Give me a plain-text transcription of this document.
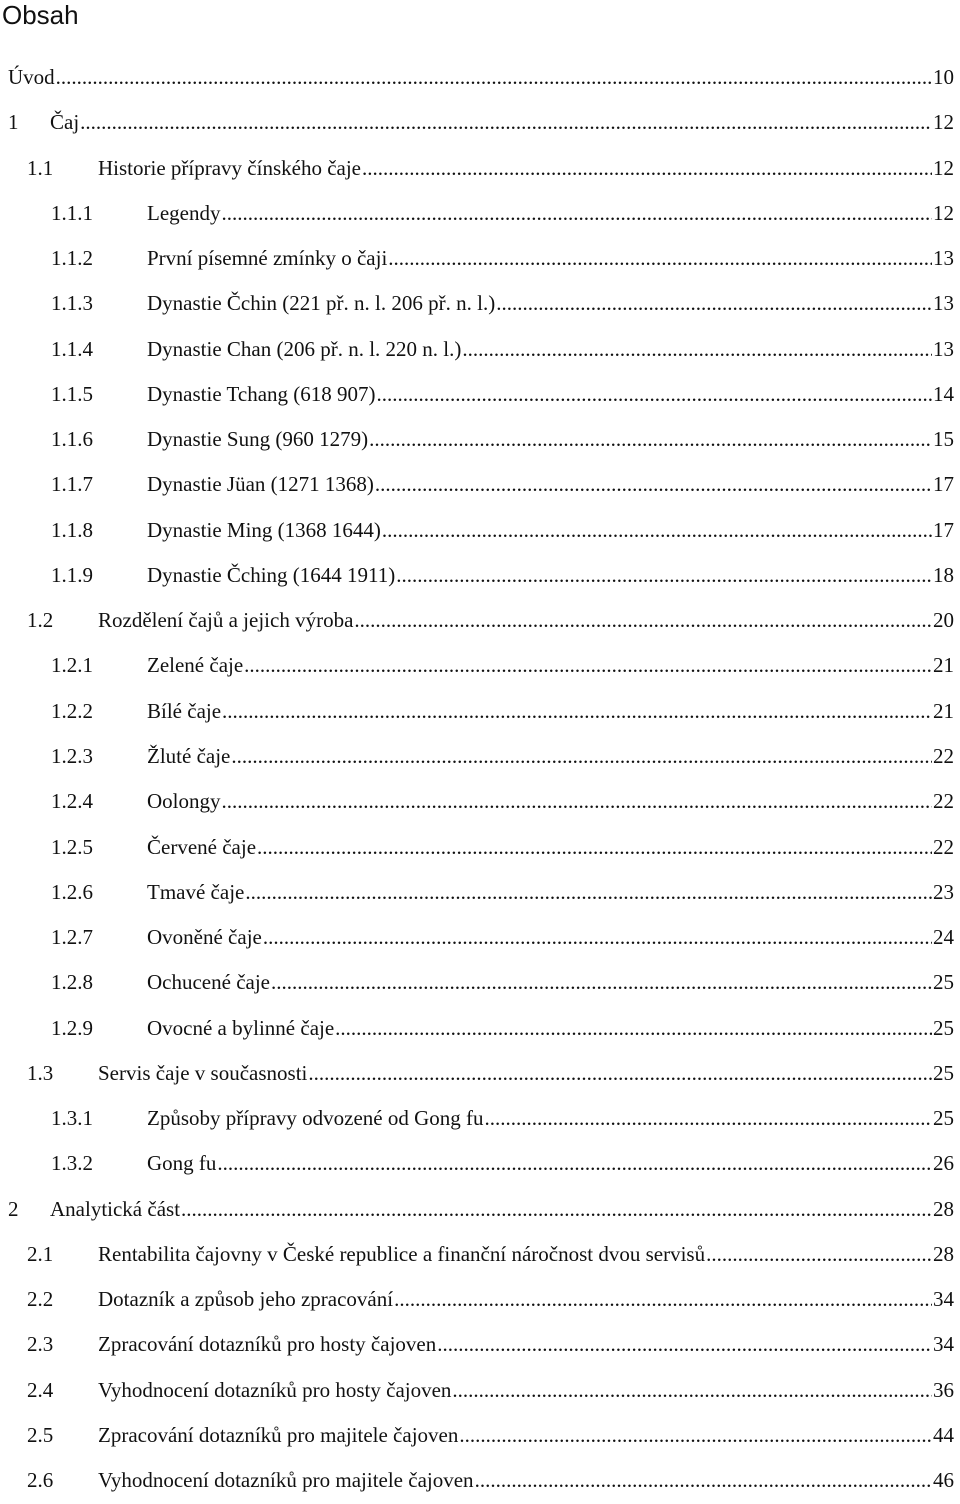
Obsah
Úvod .....	10
1	Čaj .....	12
1.1	Historie přípravy čínského čaje .....	12
1.1.1	Legendy .....	12
1.1.2	První písemné zmínky o čaji .....	13
1.1.3	Dynastie Čchin (221 př. n. l. 206 př. n. l.) .....	13
1.1.4	Dynastie Chan (206 př. n. l. 220 n. l.) .....	13
1.1.5	Dynastie Tchang (618 907) .....	14
1.1.6	Dynastie Sung (960 1279) .....	15
1.1.7	Dynastie Jüan (1271 1368) .....	17
1.1.8	Dynastie Ming (1368 1644) .....	17
1.1.9	Dynastie Čching (1644 1911) .....	18
1.2	Rozdělení čajů a jejich výroba .....	20
1.2.1	Zelené čaje .....	21
1.2.2	Bílé čaje .....	21
1.2.3	Žluté čaje .....	22
1.2.4	Oolongy .....	22
1.2.5	Červené čaje .....	22
1.2.6	Tmavé čaje .....	23
1.2.7	Ovoněné čaje .....	24
1.2.8	Ochucené čaje .....	25
1.2.9	Ovocné a bylinné čaje .....	25
1.3	Servis čaje v současnosti .....	25
1.3.1	Způsoby přípravy odvozené od Gong fu .....	25
1.3.2	Gong fu .....	26
2	Analytická část .....	28
2.1	Rentabilita čajovny v České republice a finanční náročnost dvou servisů .....	28
2.2	Dotazník a způsob jeho zpracování .....	34
2.3	Zpracování dotazníků pro hosty čajoven .....	34
2.4	Vyhodnocení dotazníků pro hosty čajoven .....	36
2.5	Zpracování dotazníků pro majitele čajoven .....	44
2.6	Vyhodnocení dotazníků pro majitele čajoven .....	46
